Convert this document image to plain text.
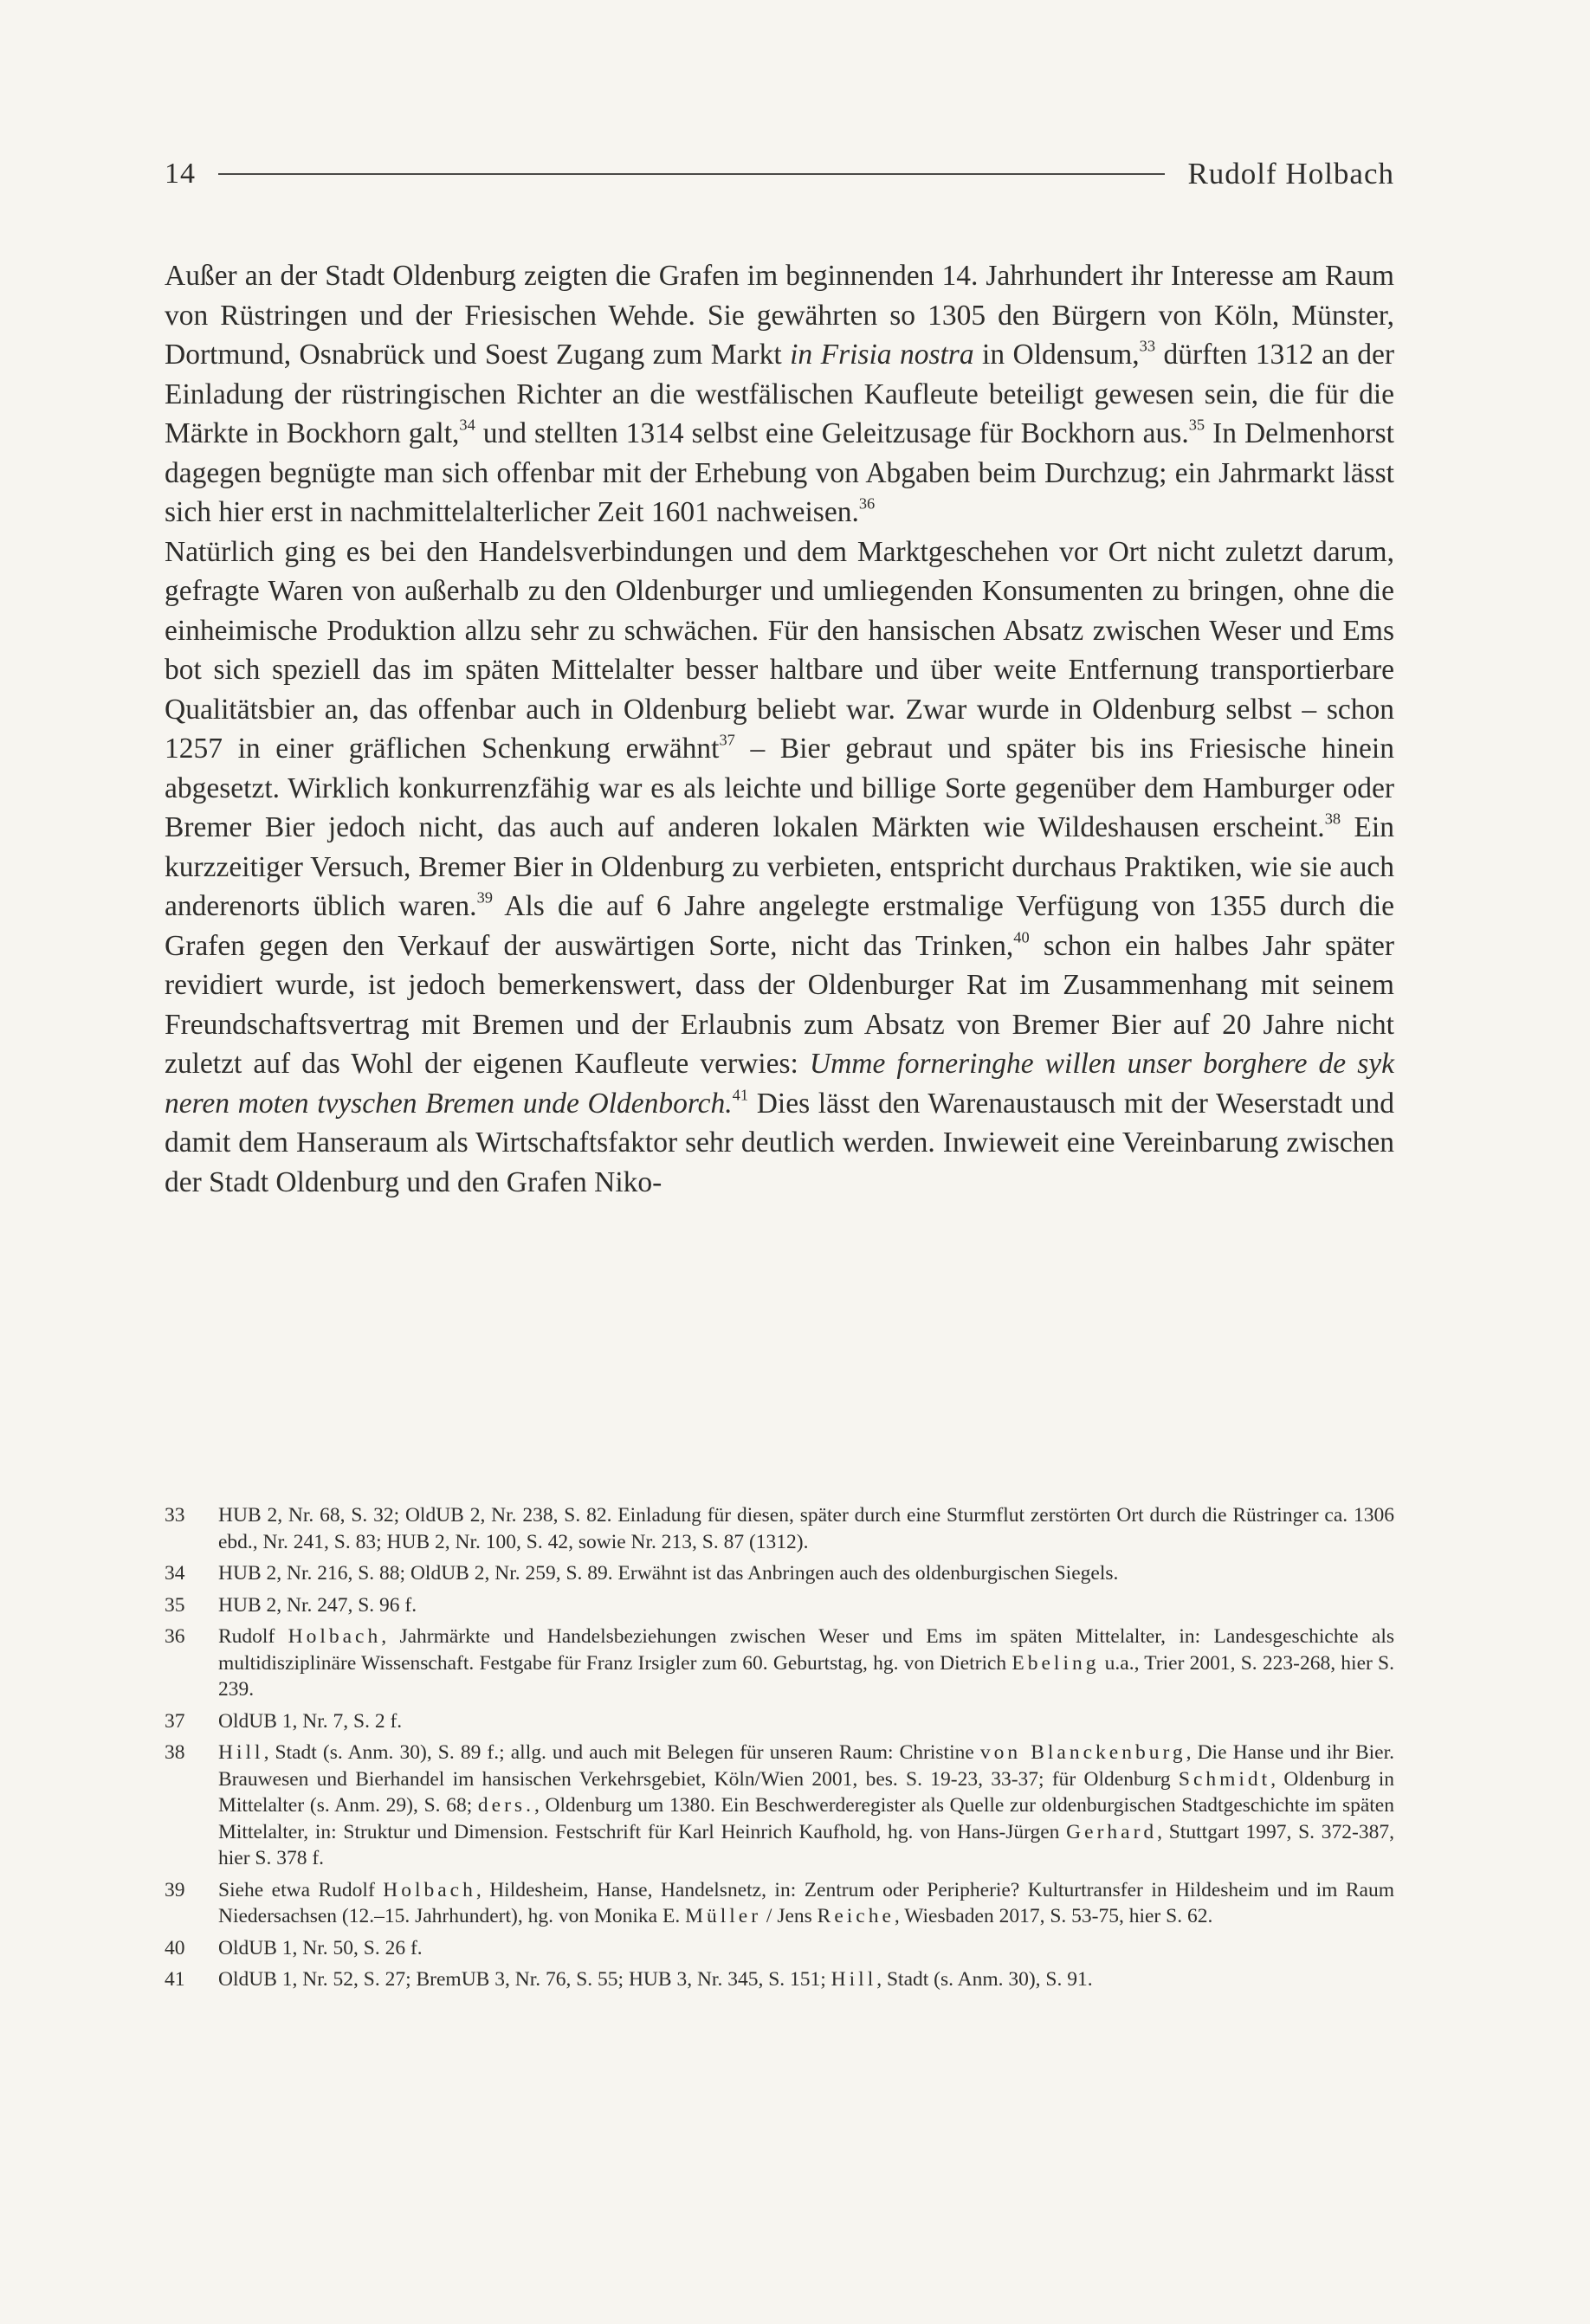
14	Rudolf Holbach

Außer an der Stadt Oldenburg zeigten die Grafen im beginnenden 14. Jahrhundert ihr Interesse am Raum von Rüstringen und der Friesischen Wehde. Sie gewährten so 1305 den Bürgern von Köln, Münster, Dortmund, Osnabrück und Soest Zugang zum Markt in Frisia nostra in Oldensum,$^{33}$ dürften 1312 an der Einladung der rüstringischen Richter an die westfälischen Kaufleute beteiligt gewesen sein, die für die Märkte in Bockhorn galt,$^{34}$ und stellten 1314 selbst eine Geleitzusage für Bockhorn aus.$^{35}$ In Delmenhorst dagegen begnügte man sich offenbar mit der Erhebung von Abgaben beim Durchzug; ein Jahrmarkt lässt sich hier erst in nachmittelalterlicher Zeit 1601 nachweisen.$^{36}$

Natürlich ging es bei den Handelsverbindungen und dem Marktgeschehen vor Ort nicht zuletzt darum, gefragte Waren von außerhalb zu den Oldenburger und umliegenden Konsumenten zu bringen, ohne die einheimische Produktion allzu sehr zu schwächen. Für den hansischen Absatz zwischen Weser und Ems bot sich speziell das im späten Mittelalter besser haltbare und über weite Entfernung transportierbare Qualitätsbier an, das offenbar auch in Oldenburg beliebt war. Zwar wurde in Oldenburg selbst – schon 1257 in einer gräflichen Schenkung erwähnt$^{37}$ – Bier gebraut und später bis ins Friesische hinein abgesetzt. Wirklich konkurrenzfähig war es als leichte und billige Sorte gegenüber dem Hamburger oder Bremer Bier jedoch nicht, das auch auf anderen lokalen Märkten wie Wildeshausen erscheint.$^{38}$ Ein kurzzeitiger Versuch, Bremer Bier in Oldenburg zu verbieten, entspricht durchaus Praktiken, wie sie auch anderenorts üblich waren.$^{39}$ Als die auf 6 Jahre angelegte erstmalige Verfügung von 1355 durch die Grafen gegen den Verkauf der auswärtigen Sorte, nicht das Trinken,$^{40}$ schon ein halbes Jahr später revidiert wurde, ist jedoch bemerkenswert, dass der Oldenburger Rat im Zusammenhang mit seinem Freundschaftsvertrag mit Bremen und der Erlaubnis zum Absatz von Bremer Bier auf 20 Jahre nicht zuletzt auf das Wohl der eigenen Kaufleute verwies: Umme forneringhe willen unser borghere de syk neren moten tvyschen Bremen unde Oldenborch.$^{41}$ Dies lässt den Warenaustausch mit der Weserstadt und damit dem Hanseraum als Wirtschaftsfaktor sehr deutlich werden. Inwieweit eine Vereinbarung zwischen der Stadt Oldenburg und den Grafen Niko-

33	HUB 2, Nr. 68, S. 32; OldUB 2, Nr. 238, S. 82. Einladung für diesen, später durch eine Sturmflut zerstörten Ort durch die Rüstringer ca. 1306 ebd., Nr. 241, S. 83; HUB 2, Nr. 100, S. 42, sowie Nr. 213, S. 87 (1312).
34	HUB 2, Nr. 216, S. 88; OldUB 2, Nr. 259, S. 89. Erwähnt ist das Anbringen auch des oldenburgischen Siegels.
35	HUB 2, Nr. 247, S. 96 f.
36	Rudolf Holbach, Jahrmärkte und Handelsbeziehungen zwischen Weser und Ems im späten Mittelalter, in: Landesgeschichte als multidisziplinäre Wissenschaft. Festgabe für Franz Irsigler zum 60. Geburtstag, hg. von Dietrich Ebeling u.a., Trier 2001, S. 223-268, hier S. 239.
37	OldUB 1, Nr. 7, S. 2 f.
38	Hill, Stadt (s. Anm. 30), S. 89 f.; allg. und auch mit Belegen für unseren Raum: Christine von Blanckenburg, Die Hanse und ihr Bier. Brauwesen und Bierhandel im hansischen Verkehrsgebiet, Köln/Wien 2001, bes. S. 19-23, 33-37; für Oldenburg Schmidt, Oldenburg in Mittelalter (s. Anm. 29), S. 68; ders., Oldenburg um 1380. Ein Beschwerderegister als Quelle zur oldenburgischen Stadtgeschichte im späten Mittelalter, in: Struktur und Dimension. Festschrift für Karl Heinrich Kaufhold, hg. von Hans-Jürgen Gerhard, Stuttgart 1997, S. 372-387, hier S. 378 f.
39	Siehe etwa Rudolf Holbach, Hildesheim, Hanse, Handelsnetz, in: Zentrum oder Peripherie? Kulturtransfer in Hildesheim und im Raum Niedersachsen (12.–15. Jahrhundert), hg. von Monika E. Müller / Jens Reiche, Wiesbaden 2017, S. 53-75, hier S. 62.
40	OldUB 1, Nr. 50, S. 26 f.
41	OldUB 1, Nr. 52, S. 27; BremUB 3, Nr. 76, S. 55; HUB 3, Nr. 345, S. 151; Hill, Stadt (s. Anm. 30), S. 91.
